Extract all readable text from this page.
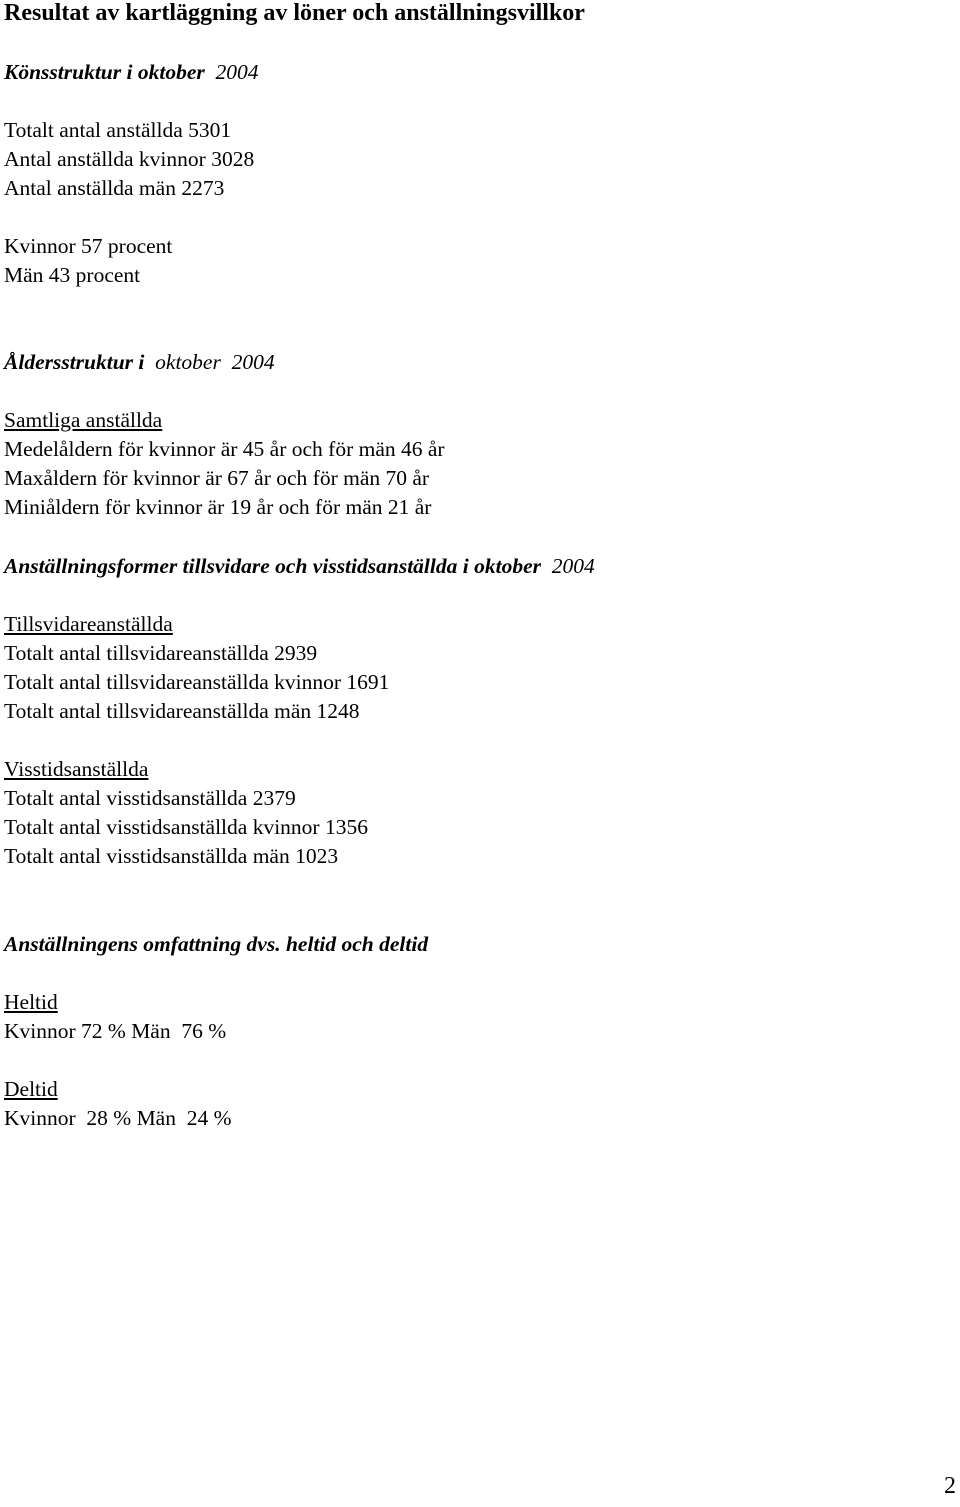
Resultat av kartläggning av löner och anställningsvillkor
Könsstruktur i oktober 2004
Totalt antal anställda 5301
Antal anställda kvinnor 3028
Antal anställda män 2273
Kvinnor 57 procent
Män 43 procent
Åldersstruktur i oktober 2004
Samtliga anställda
Medelåldern för kvinnor är 45 år och för män 46 år
Maxåldern för kvinnor är 67 år och för män 70 år
Miniåldern för kvinnor är 19 år och för män 21 år
Anställningsformer tillsvidare och visstidsanställda i oktober 2004
Tillsvidareanställda
Totalt antal tillsvidareanställda 2939
Totalt antal tillsvidareanställda kvinnor 1691
Totalt antal tillsvidareanställda män 1248
Visstidsanställda
Totalt antal visstidsanställda 2379
Totalt antal visstidsanställda kvinnor 1356
Totalt antal visstidsanställda män 1023
Anställningens omfattning dvs. heltid och deltid
Heltid
Kvinnor 72 % Män  76 %
Deltid
Kvinnor  28 % Män  24 %
2
